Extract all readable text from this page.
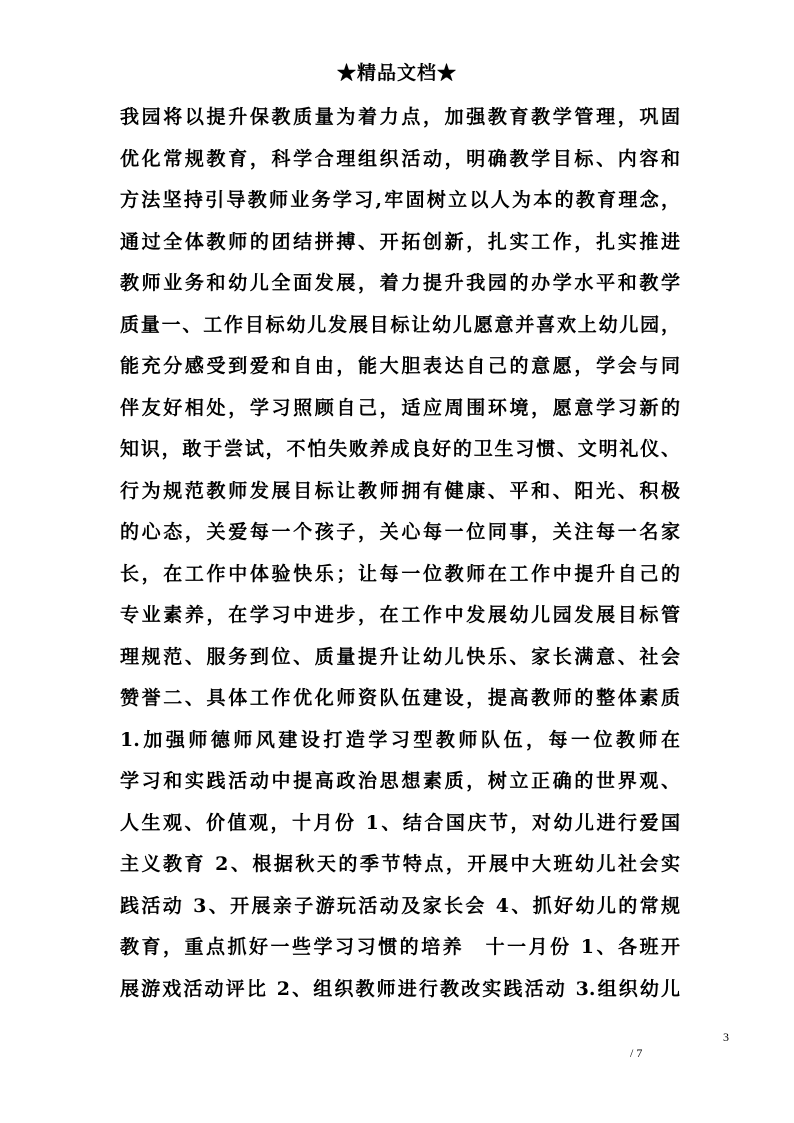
★精品文档★
我园将以提升保教质量为着力点，加强教育教学管理，巩固
优化常规教育，科学合理组织活动，明确教学目标、内容和
方法坚持引导教师业务学习,牢固树立以人为本的教育理念，
通过全体教师的团结拼搏、开拓创新，扎实工作，扎实推进
教师业务和幼儿全面发展，着力提升我园的办学水平和教学
质量一、工作目标幼儿发展目标让幼儿愿意并喜欢上幼儿园，
能充分感受到爱和自由，能大胆表达自己的意愿，学会与同
伴友好相处，学习照顾自己，适应周围环境，愿意学习新的
知识，敢于尝试，不怕失败养成良好的卫生习惯、文明礼仪、
行为规范教师发展目标让教师拥有健康、平和、阳光、积极
的心态，关爱每一个孩子，关心每一位同事，关注每一名家
长，在工作中体验快乐；让每一位教师在工作中提升自己的
专业素养，在学习中进步，在工作中发展幼儿园发展目标管
理规范、服务到位、质量提升让幼儿快乐、家长满意、社会
赞誉二、具体工作优化师资队伍建设，提高教师的整体素质
1.加强师德师风建设打造学习型教师队伍，每一位教师在
学习和实践活动中提高政治思想素质，树立正确的世界观、
人生观、价值观，十月份 1、结合国庆节，对幼儿进行爱国
主义教育 2、根据秋天的季节特点，开展中大班幼儿社会实
践活动 3、开展亲子游玩活动及家长会 4、抓好幼儿的常规
教育，重点抓好一些学习习惯的培养　十一月份 1、各班开
展游戏活动评比 2、组织教师进行教改实践活动 3.组织幼儿
3
/ 7
